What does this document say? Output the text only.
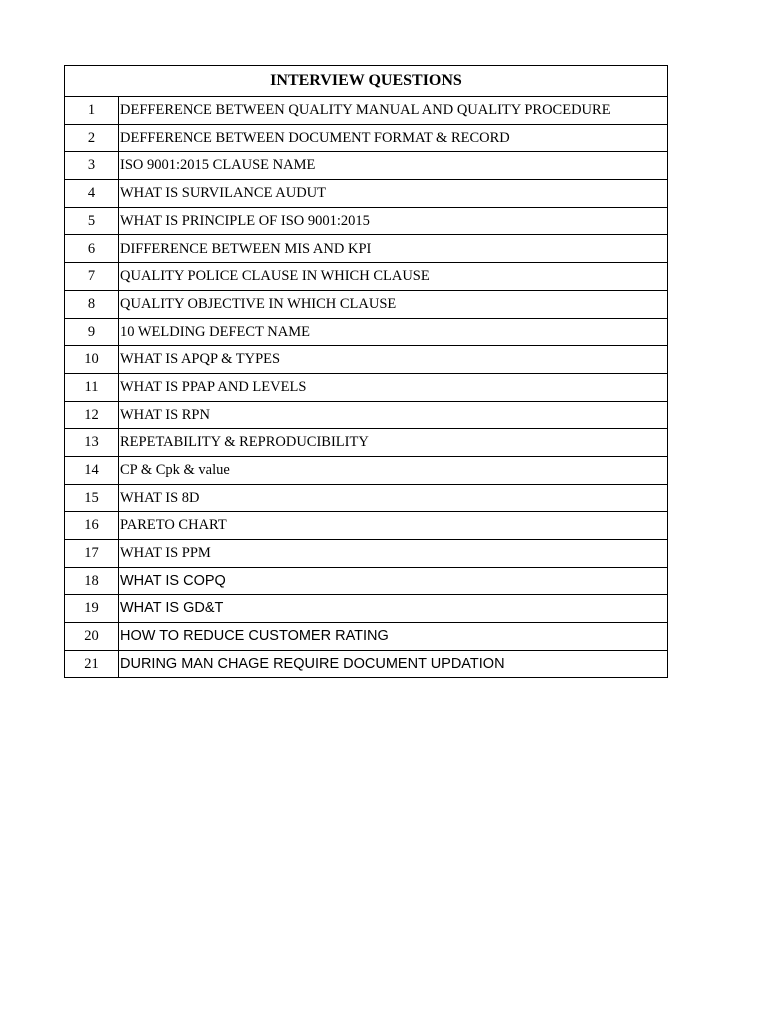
INTERVIEW QUESTIONS	
1	DEFFERENCE BETWEEN QUALITY MANUAL AND QUALITY PROCEDURE
2	DEFFERENCE BETWEEN DOCUMENT FORMAT & RECORD
3	ISO 9001:2015 CLAUSE NAME
4	WHAT IS SURVILANCE AUDUT
5	WHAT IS PRINCIPLE OF ISO 9001:2015
6	DIFFERENCE BETWEEN MIS AND KPI
7	QUALITY POLICE CLAUSE IN WHICH CLAUSE
8	QUALITY OBJECTIVE IN WHICH CLAUSE
9	10 WELDING DEFECT NAME
10	WHAT IS APQP & TYPES
11	WHAT IS PPAP AND LEVELS
12	WHAT IS RPN
13	REPETABILITY & REPRODUCIBILITY
14	CP & Cpk & value
15	WHAT IS 8D
16	PARETO CHART
17	WHAT IS PPM
18	WHAT IS COPQ
19	WHAT IS GD&T
20	HOW TO REDUCE CUSTOMER RATING
21	DURING MAN CHAGE REQUIRE DOCUMENT UPDATION
